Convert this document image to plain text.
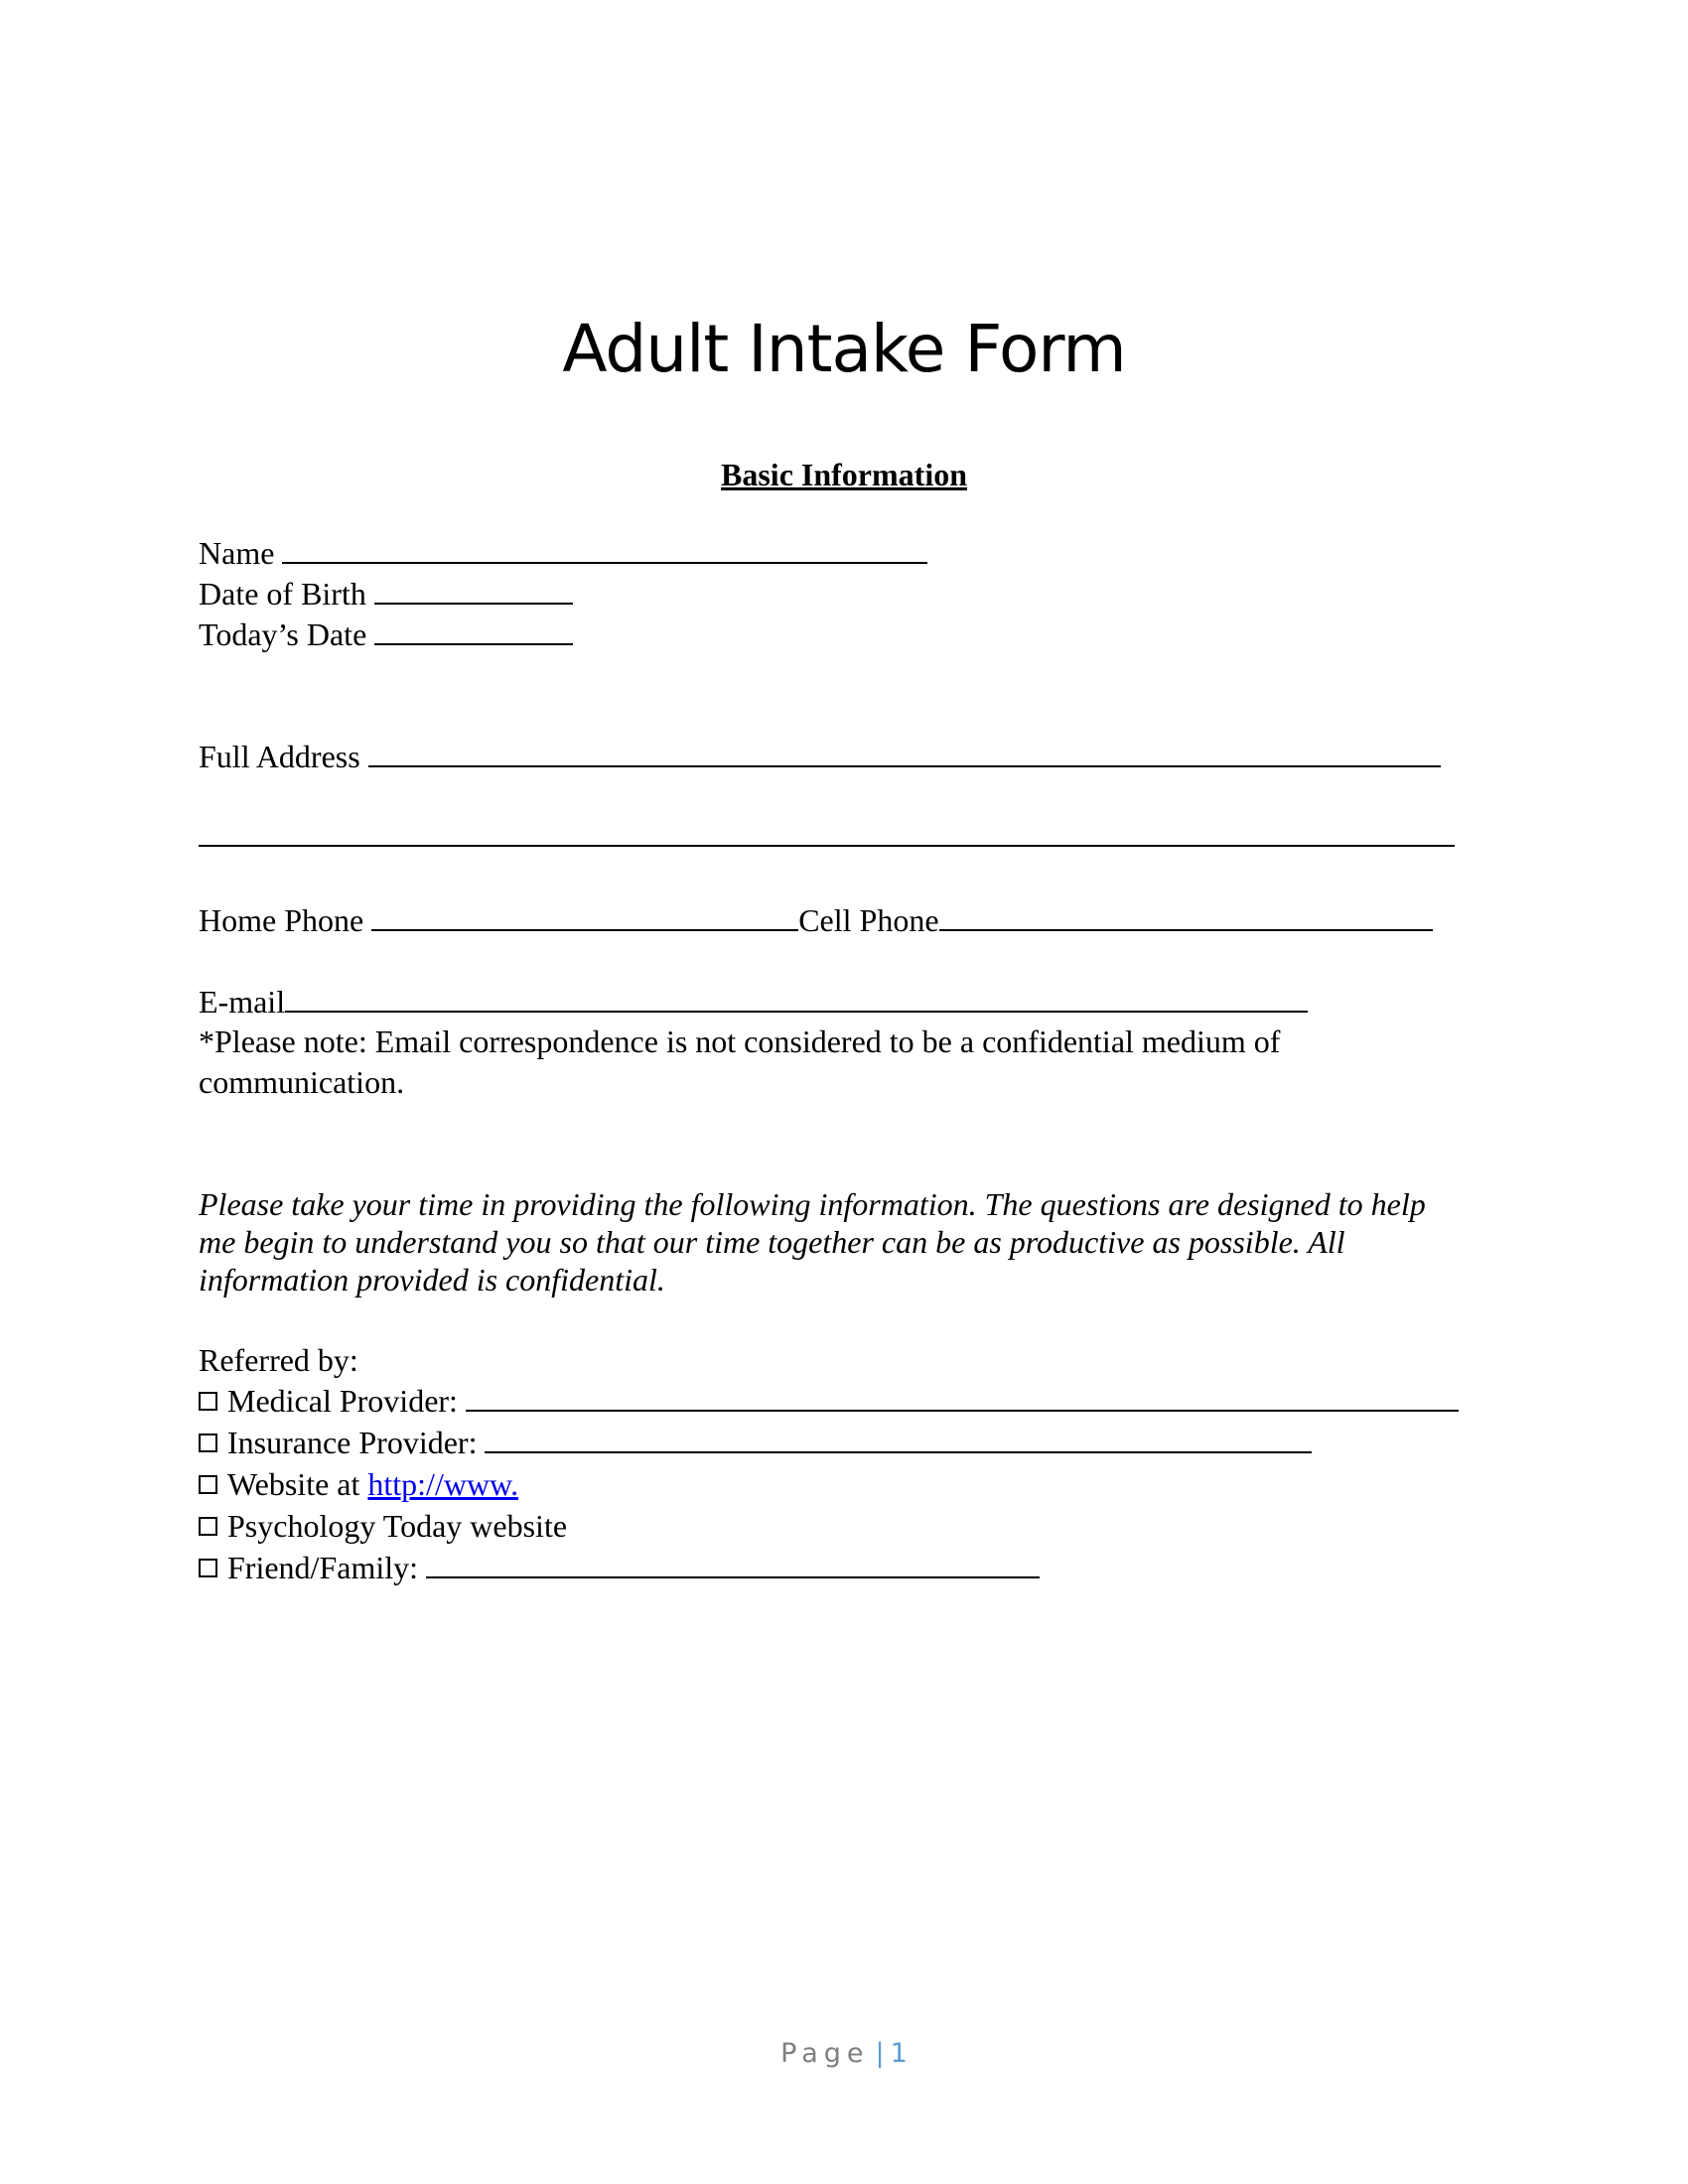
Adult Intake Form
Basic Information
Name
Date of Birth
Today’s Date
Full Address
Home Phone	Cell Phone
E-mail
*Please note: Email correspondence is not considered to be a confidential medium of
communication.
Please take your time in providing the following information. The questions are designed to help
me begin to understand you so that our time together can be as productive as possible. All
information provided is confidential.
Referred by:
Medical Provider:
Insurance Provider:
Website at http://www.
Psychology Today website
Friend/Family:
Page | 1
